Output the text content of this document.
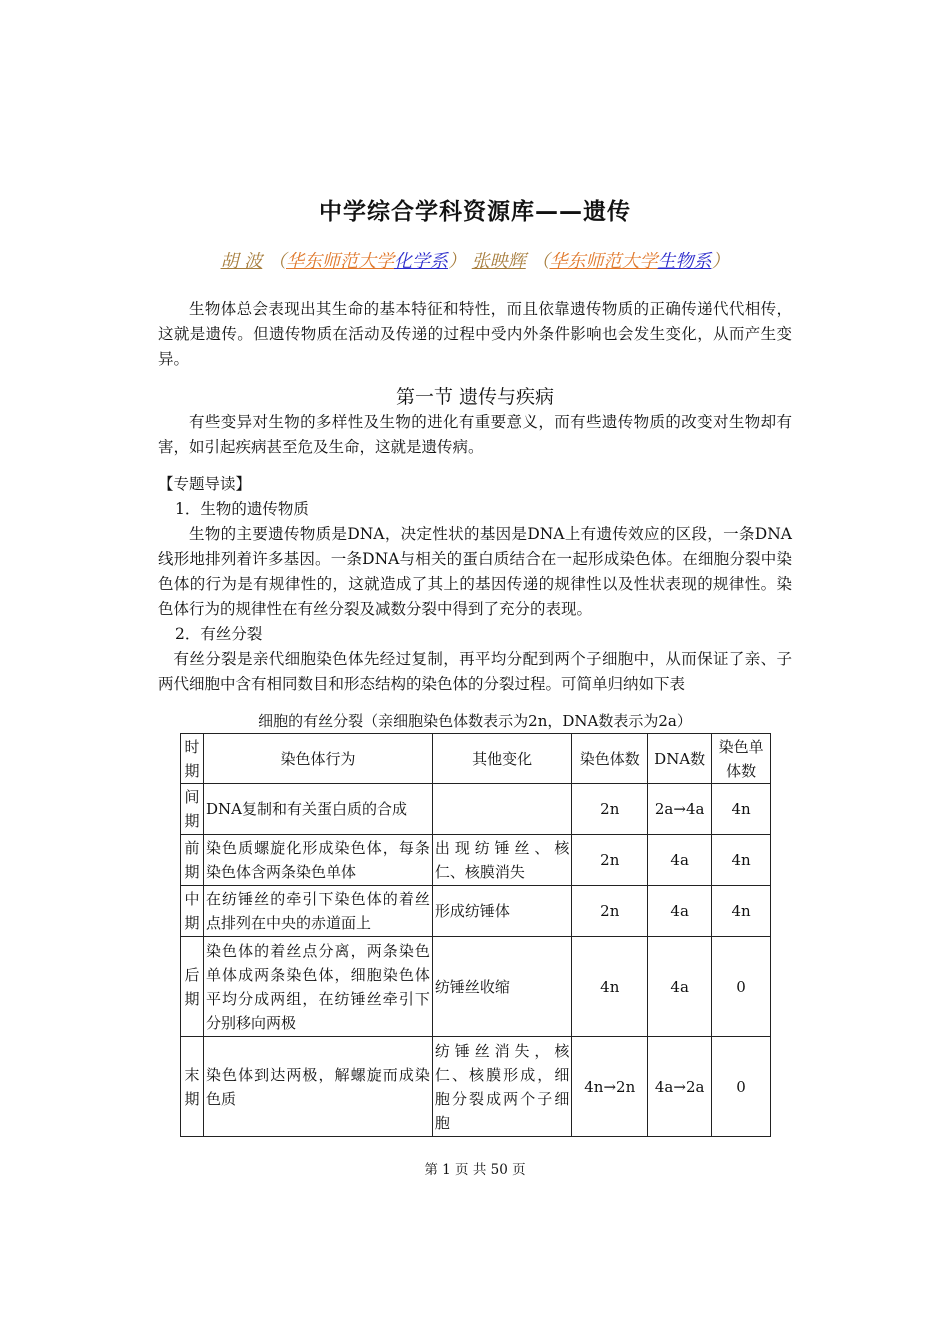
中学综合学科资源库——遗传
胡 波 （华东师范大学化学系） 张映辉 （华东师范大学生物系）
生物体总会表现出其生命的基本特征和特性，而且依靠遗传物质的正确传递代代相传，这就是遗传。但遗传物质在活动及传递的过程中受内外条件影响也会发生变化，从而产生变异。
第一节 遗传与疾病
有些变异对生物的多样性及生物的进化有重要意义，而有些遗传物质的改变对生物却有害，如引起疾病甚至危及生命，这就是遗传病。
【专题导读】
1．生物的遗传物质
生物的主要遗传物质是DNA，决定性状的基因是DNA上有遗传效应的区段，一条DNA线形地排列着许多基因。一条DNA与相关的蛋白质结合在一起形成染色体。在细胞分裂中染色体的行为是有规律性的，这就造成了其上的基因传递的规律性以及性状表现的规律性。染色体行为的规律性在有丝分裂及减数分裂中得到了充分的表现。
2．有丝分裂
有丝分裂是亲代细胞染色体先经过复制，再平均分配到两个子细胞中，从而保证了亲、子两代细胞中含有相同数目和形态结构的染色体的分裂过程。可简单归纳如下表
细胞的有丝分裂（亲细胞染色体数表示为2n，DNA数表示为2a）
时期	染色体行为	其他变化	染色体数	DNA数	染色单体数
间期	DNA复制和有关蛋白质的合成		2n	2a→4a	4n
前期	染色质螺旋化形成染色体，每条染色体含两条染色单体	出现纺锤丝、核仁、核膜消失	2n	4a	4n
中期	在纺锤丝的牵引下染色体的着丝点排列在中央的赤道面上	形成纺锤体	2n	4a	4n
后期	染色体的着丝点分离，两条染色单体成两条染色体，细胞染色体平均分成两组，在纺锤丝牵引下分别移向两极	纺锤丝收缩	4n	4a	0
末期	染色体到达两极，解螺旋而成染色质	纺锤丝消失，核仁、核膜形成，细胞分裂成两个子细胞	4n→2n	4a→2a	0
第 1 页 共 50 页
